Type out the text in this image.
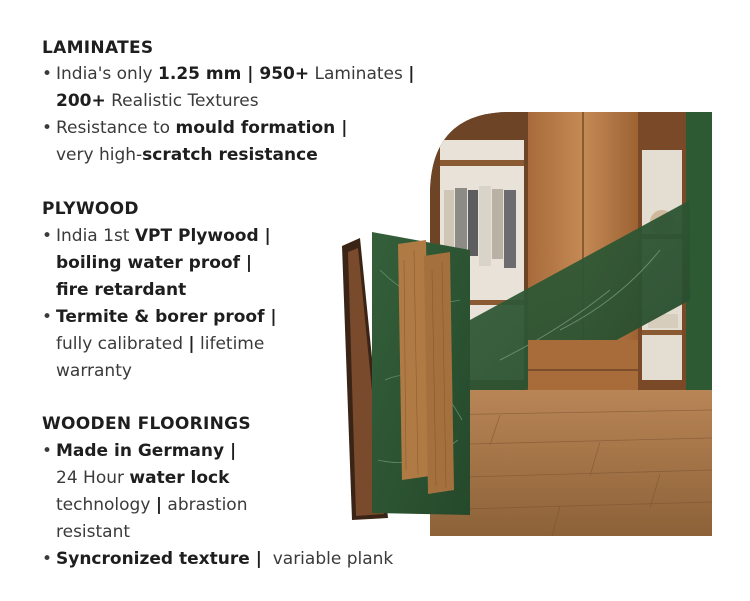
LAMINATES
• India's only 1.25 mm | 950+ Laminates |
200+ Realistic Textures
• Resistance to mould formation |
very high-scratch resistance
PLYWOOD
• India 1st VPT Plywood |
boiling water proof |
fire retardant
• Termite & borer proof |
fully calibrated | lifetime
warranty
WOODEN FLOORINGS
• Made in Germany |
24 Hour water lock
technology | abrastion
resistant
• Syncronized texture |  variable plank
